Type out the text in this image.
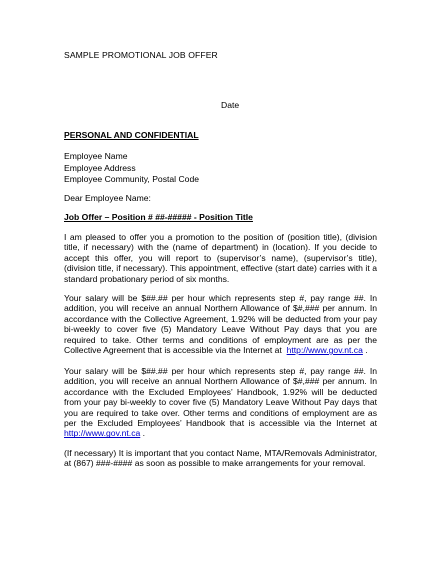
SAMPLE PROMOTIONAL JOB OFFER
Date
PERSONAL AND CONFIDENTIAL
Employee Name
Employee Address
Employee Community, Postal Code
Dear Employee Name:
Job Offer – Position # ##-##### - Position Title
I am pleased to offer you a promotion to the position of (position title), (division title, if necessary) with the (name of department) in (location). If you decide to accept this offer, you will report to (supervisor’s name), (supervisor’s title), (division title, if necessary). This appointment, effective (start date) carries with it a standard probationary period of six months.
Your salary will be $##.## per hour which represents step #, pay range ##. In addition, you will receive an annual Northern Allowance of $#,### per annum. In accordance with the Collective Agreement, 1.92% will be deducted from your pay bi-weekly to cover five (5) Mandatory Leave Without Pay days that you are required to take. Other terms and conditions of employment are as per the Collective Agreement that is accessible via the Internet at http://www.gov.nt.ca .
Your salary will be $##.## per hour which represents step #, pay range ##. In addition, you will receive an annual Northern Allowance of $#,### per annum. In accordance with the Excluded Employees’ Handbook, 1.92% will be deducted from your pay bi-weekly to cover five (5) Mandatory Leave Without Pay days that you are required to take over. Other terms and conditions of employment are as per the Excluded Employees’ Handbook that is accessible via the Internet at http://www.gov.nt.ca .
(If necessary) It is important that you contact Name, MTA/Removals Administrator, at (867) ###-#### as soon as possible to make arrangements for your removal.
